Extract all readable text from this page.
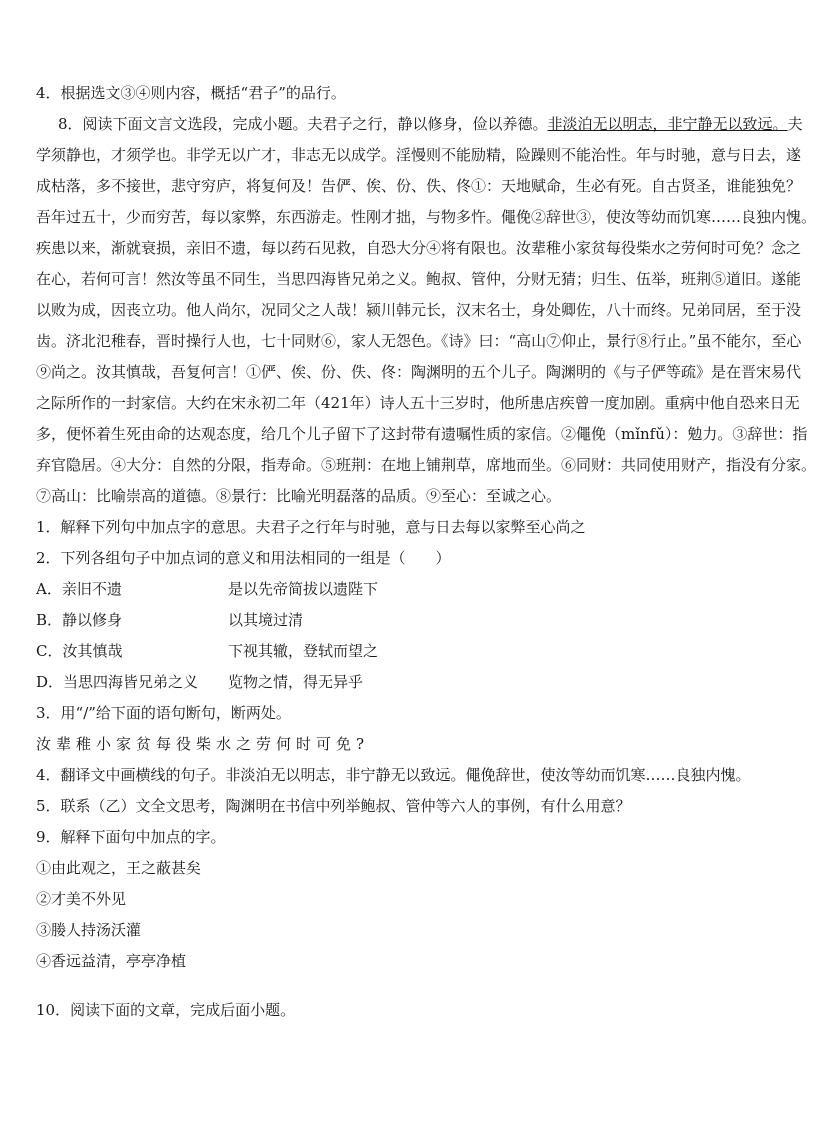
4．根据选文③④则内容，概括“君子”的品行。
8．阅读下面文言文选段，完成小题。夫君子之行，静以修身，俭以养德。非淡泊无以明志，非宁静无以致远。夫
学须静也，才须学也。非学无以广才，非志无以成学。淫慢则不能励精，险躁则不能治性。年与时驰，意与日去，遂
成枯落，多不接世，悲守穷庐，将复何及！告俨、俟、份、佚、佟①：天地赋命，生必有死。自古贤圣，谁能独免？
吾年过五十，少而穷苦，每以家弊，东西游走。性刚才拙，与物多忤。僶俛②辞世③，使汝等幼而饥寒……良独内愧。
疾患以来，渐就衰损，亲旧不遗，每以药石见救，自恐大分④将有限也。汝辈稚小家贫每役柴水之劳何时可免？念之
在心，若何可言！然汝等虽不同生，当思四海皆兄弟之义。鲍叔、管仲，分财无猜；归生、伍举，班荆⑤道旧。遂能
以败为成，因丧立功。他人尚尔，况同父之人哉！颍川韩元长，汉末名士，身处卿佐，八十而终。兄弟同居，至于没
齿。济北氾稚春，晋时操行人也，七十同财⑥，家人无怨色。《诗》曰：“高山⑦仰止，景行⑧行止。”虽不能尔，至心
⑨尚之。汝其慎哉，吾复何言！①俨、俟、份、佚、佟：陶渊明的五个儿子。陶渊明的《与子俨等疏》是在晋宋易代
之际所作的一封家信。大约在宋永初二年（421年）诗人五十三岁时，他所患店疾曾一度加剧。重病中他自恐来日无
多，便怀着生死由命的达观态度，给几个儿子留下了这封带有遗嘱性质的家信。②僶俛（mǐnfǔ）：勉力。③辞世：指
弃官隐居。④大分：自然的分限，指寿命。⑤班荆：在地上铺荆草，席地而坐。⑥同财：共同使用财产，指没有分家。
⑦高山：比喻崇高的道德。⑧景行：比喻光明磊落的品质。⑨至心：至诚之心。
1．解释下列句中加点字的意思。夫君子之行年与时驰，意与日去每以家弊至心尚之
2．下列各组句子中加点词的意义和用法相同的一组是（　　）
A．亲旧不遗	是以先帝简拔以遗陛下
B．静以修身	以其境过清
C．汝其慎哉	下视其辙，登轼而望之
D．当思四海皆兄弟之义	览物之情，得无异乎
3．用“/”给下面的语句断句，断两处。
汝辈稚小家贫每役柴水之劳何时可免?
4．翻译文中画横线的句子。非淡泊无以明志，非宁静无以致远。僶俛辞世，使汝等幼而饥寒……良独内愧。
5．联系（乙）文全文思考，陶渊明在书信中列举鲍叔、管仲等六人的事例，有什么用意？
9．解释下面句中加点的字。
①由此观之，王之蔽甚矣
②才美不外见
③媵人持汤沃灌
④香远益清，亭亭净植
10．阅读下面的文章，完成后面小题。
